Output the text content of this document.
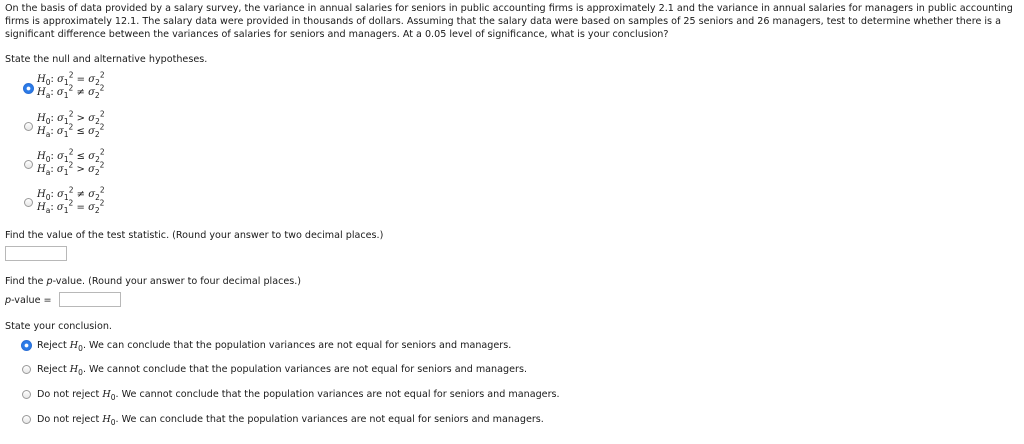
On the basis of data provided by a salary survey, the variance in annual salaries for seniors in public accounting firms is approximately 2.1 and the variance in annual salaries for managers in public accounting firms is approximately 12.1. The salary data were provided in thousands of dollars. Assuming that the salary data were based on samples of 25 seniors and 26 managers, test to determine whether there is a significant difference between the variances of salaries for seniors and managers. At a 0.05 level of significance, what is your conclusion?

State the null and alternative hypotheses.
$H_0$: $\sigma_1^2 = \sigma_2^2$
$H_a$: $\sigma_1^2 \ne \sigma_2^2$
$H_0$: $\sigma_1^2 > \sigma_2^2$
$H_a$: $\sigma_1^2 \le \sigma_2^2$
$H_0$: $\sigma_1^2 \le \sigma_2^2$
$H_a$: $\sigma_1^2 > \sigma_2^2$
$H_0$: $\sigma_1^2 \ne \sigma_2^2$
$H_a$: $\sigma_1^2 = \sigma_2^2$
Find the value of the test statistic. (Round your answer to two decimal places.)
Find the p-value. (Round your answer to four decimal places.)
p-value =
State your conclusion.
Reject $H_0$. We can conclude that the population variances are not equal for seniors and managers.
Reject $H_0$. We cannot conclude that the population variances are not equal for seniors and managers.
Do not reject $H_0$. We cannot conclude that the population variances are not equal for seniors and managers.
Do not reject $H_0$. We can conclude that the population variances are not equal for seniors and managers.
